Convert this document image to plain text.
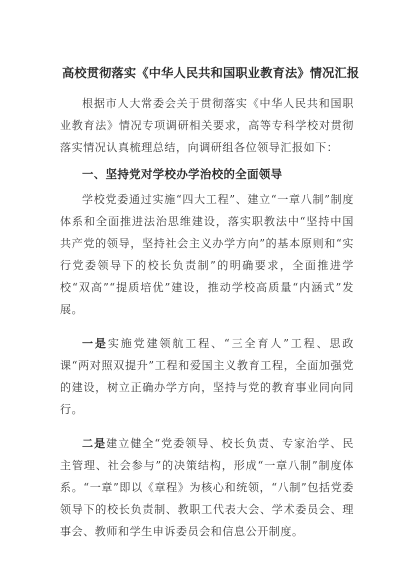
高校贯彻落实《中华人民共和国职业教育法》情况汇报

根据市人大常委会关于贯彻落实《中华人民共和国职业教育法》情况专项调研相关要求，高等专科学校对贯彻落实情况认真梳理总结，向调研组各位领导汇报如下：

一、坚持党对学校办学治校的全面领导

学校党委通过实施“四大工程”、建立“一章八制”制度体系和全面推进法治思维建设，落实职教法中“坚持中国共产党的领导，坚持社会主义办学方向”的基本原则和“实行党委领导下的校长负责制”的明确要求，全面推进学校“双高”“提质培优”建设，推动学校高质量“内涵式”发展。

一是实施党建领航工程、“三全育人”工程、思政课“两对照双提升”工程和爱国主义教育工程，全面加强党的建设，树立正确办学方向，坚持与党的教育事业同向同行。

二是建立健全“党委领导、校长负责、专家治学、民主管理、社会参与”的决策结构，形成“一章八制”制度体系。“一章”即以《章程》为核心和统领，“八制”包括党委领导下的校长负责制、教职工代表大会、学术委员会、理事会、教师和学生申诉委员会和信息公开制度。
